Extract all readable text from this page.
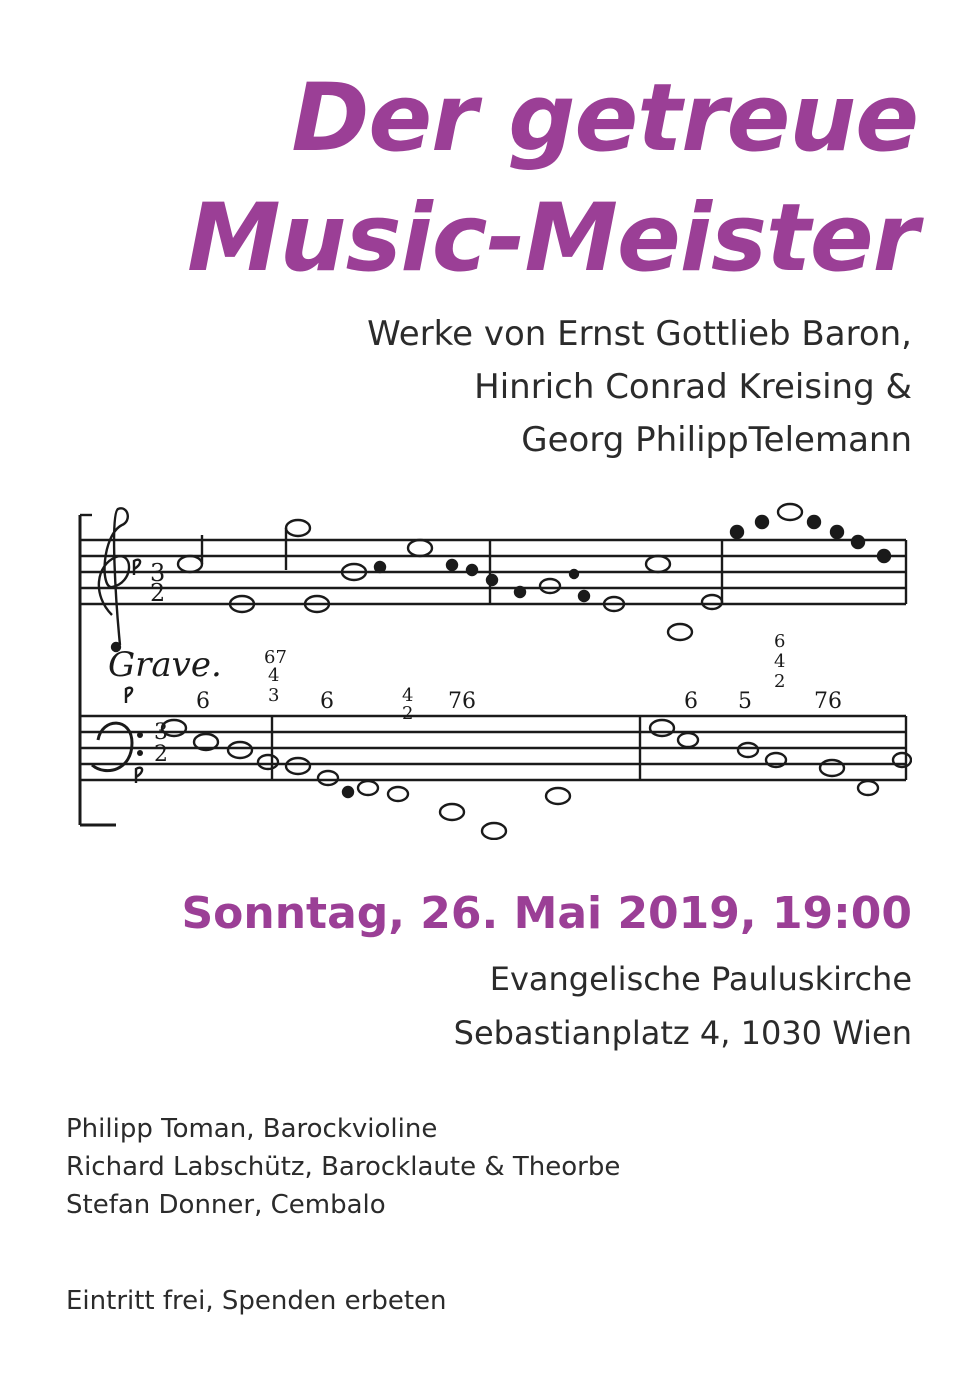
Der getreue
Music-Meister
Werke von Ernst Gottlieb Baron,
Hinrich Conrad Kreising &
Georg PhilippTelemann
Grave.
3
2
3
2
6
67
4
3 6	4
2 76	6 5
6
4
2
76
Sonntag, 26. Mai 2019, 19:00
Evangelische Pauluskirche
Sebastianplatz 4, 1030 Wien
Philipp Toman, Barockvioline
Richard Labschütz, Barocklaute & Theorbe
Stefan Donner, Cembalo
Eintritt frei, Spenden erbeten
